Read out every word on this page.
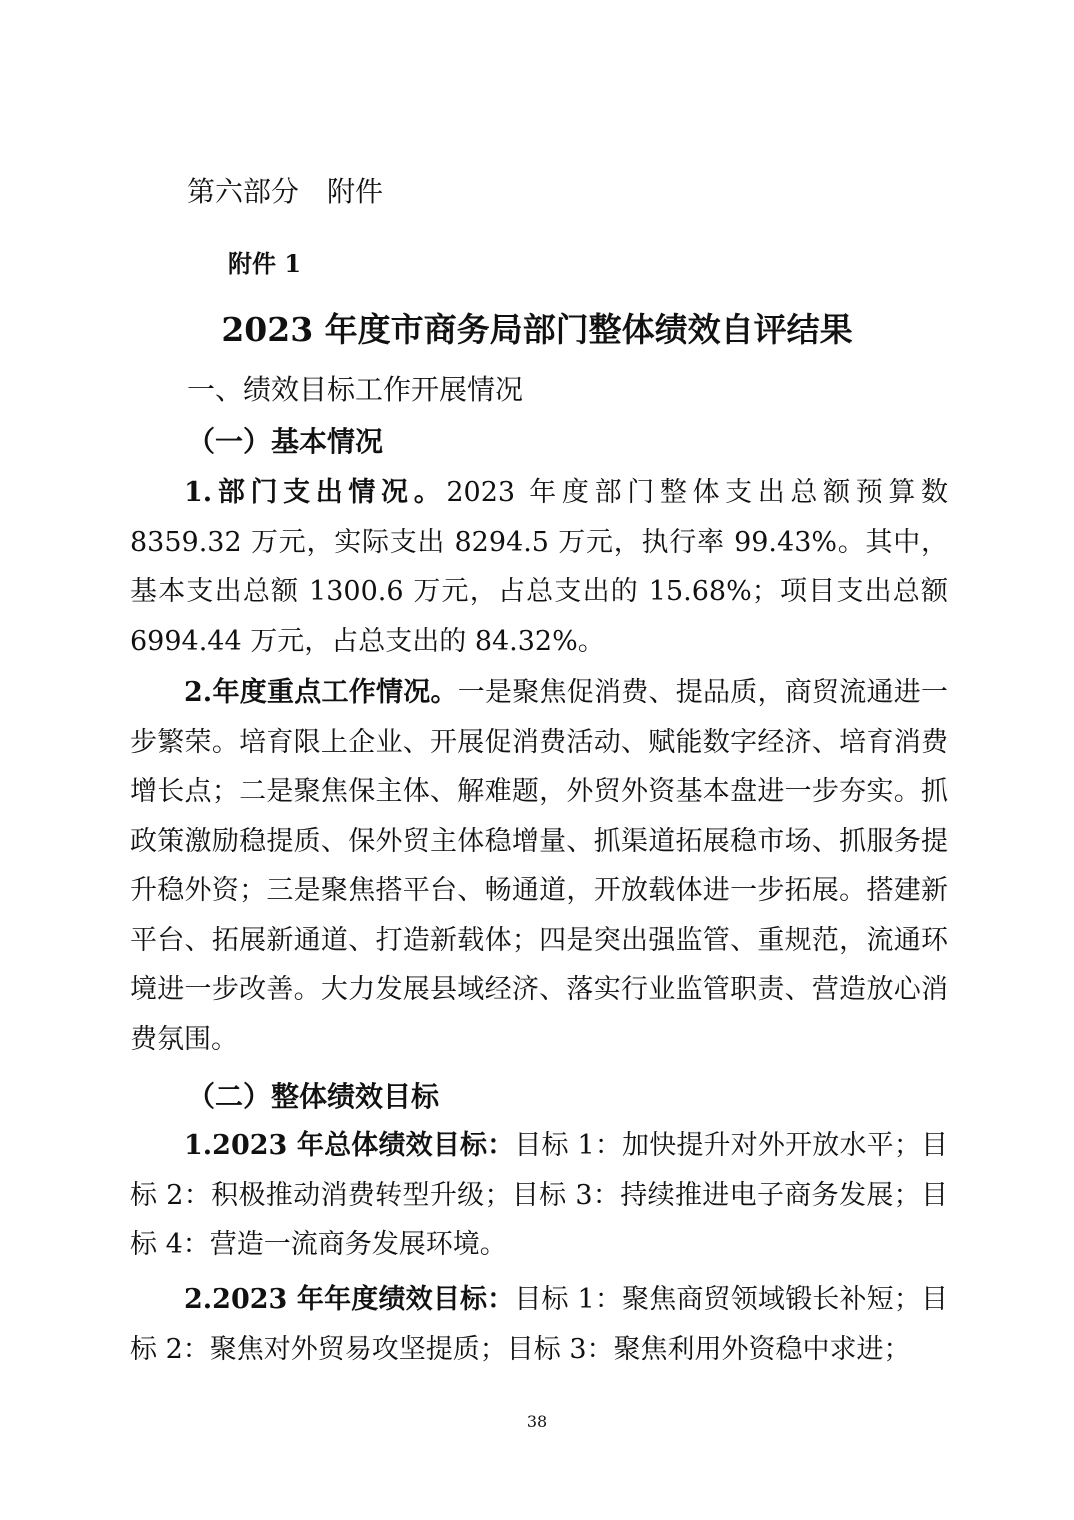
第六部分　附件
附件 1
2023 年度市商务局部门整体绩效自评结果
一、绩效目标工作开展情况
（一）基本情况

1.部门支出情况。2023 年度部门整体支出总额预算数 8359.32 万元，实际支出 8294.5 万元，执行率 99.43%。其中，基本支出总额 1300.6 万元，占总支出的 15.68%；项目支出总额 6994.44 万元，占总支出的 84.32%。

2.年度重点工作情况。一是聚焦促消费、提品质，商贸流通进一步繁荣。培育限上企业、开展促消费活动、赋能数字经济、培育消费增长点；二是聚焦保主体、解难题，外贸外资基本盘进一步夯实。抓政策激励稳提质、保外贸主体稳增量、抓渠道拓展稳市场、抓服务提升稳外资；三是聚焦搭平台、畅通道，开放载体进一步拓展。搭建新平台、拓展新通道、打造新载体；四是突出强监管、重规范，流通环境进一步改善。大力发展县域经济、落实行业监管职责、营造放心消费氛围。

（二）整体绩效目标

1.2023 年总体绩效目标：目标 1：加快提升对外开放水平；目标 2：积极推动消费转型升级；目标 3：持续推进电子商务发展；目标 4：营造一流商务发展环境。

2.2023 年年度绩效目标：目标 1：聚焦商贸领域锻长补短；目标 2：聚焦对外贸易攻坚提质；目标 3：聚焦利用外资稳中求进；

38
